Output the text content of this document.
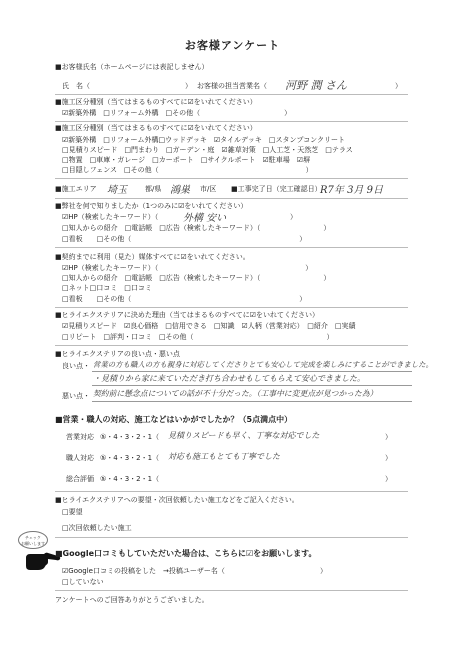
お客様アンケート
■お客様氏名（ホームページには表記しません）
氏　名（	） お客様の担当営業名（ 河野 潤 さん	）
■施工区分種別（当てはまるものすべてに☑をいれてください）
☑新築外構　□リフォーム外構　□その他（　　　　　　　　　　　　）
■施工区分種別（当てはまるものすべてに☑をいれてください）
☑新築外構　□リフォーム外構□ウッドデッキ　☑タイルデッキ　□スタンプコンクリート
□見積りスピード　□門まわり　□ガーデン・庭　☑雑草対策　□人工芝・天然芝　□テラス
□物置　□車庫・ガレージ　□カーポート　□サイクルポート　☑駐車場　☑塀
□目隠しフェンス　□その他（　　　　　　　　　　　　　　　　　　　　　）
■施工エリア 埼玉	都/県 鴻巣 市/区 ■工事完了日（完工確認日）
R7年 3月 9日
■弊社を何で知りましたか（1つのみに☑をいれてください）
☑HP（検索したキーワード）（ 外構 安い	）
□知人からの紹介　□電話帳　□広告（検索したキーワード）（　　　　　　　　　）
□看板　　□その他（　　　　　　　　　　　　　　　　　　　　　　　　）
■契約までに利用（見た）媒体すべてに☑をいれてください。
☑HP（検索したキーワード）（　　　　　　　　　　　　　　　　　　　　　）
□知人からの紹介　□電話帳　□広告（検索したキーワード）（　　　　　　　　　）
□ネット□口コミ　□口コミ
□看板　　□その他（　　　　　　　　　　　　　　　　　　　　　　　　）
■ヒライエクステリアに決めた理由（当てはまるものすべてに☑をいれてください）
☑見積りスピード　☑良心価格　□信用できる　□知識　☑人柄（営業対応）　□紹介　□実績
□リピート　□評判・口コミ　□その他（　　　　　　　　　　　　　　　　　　　）
■ヒライエクステリアの良い点・悪い点
良い点・ 営業の方も職人の方も親身に対応してくださりとても安心して完成を楽しみにすることができました。
・見積りから家に来ていただき打ち合わせもしてもらえて安心できました。
悪い点・ 契約前に懸念点についての話が不十分だった。（工事中に変更点が見つかった為）
■営業・職人の対応、施工などはいかがでしたか？（5点満点中）
営業対応 ⑤・4・3・2・1（ 見積りスピードも早く、丁寧な対応でした	）
職人対応 ⑤・4・3・2・1（ 対応も施工もとても丁寧でした	）
総合評価 ⑤・4・3・2・1（	）
■ヒライエクステリアへの要望・次回依頼したい施工などをご記入ください。
□要望
□次回依頼したい施工
チェック
お願いします
■Google口コミもしていただいた場合は、こちらに☑をお願いします。
☑Google口コミの投稿をした　→投稿ユーザー名（	）
□していない
アンケートへのご回答ありがとうございました。
